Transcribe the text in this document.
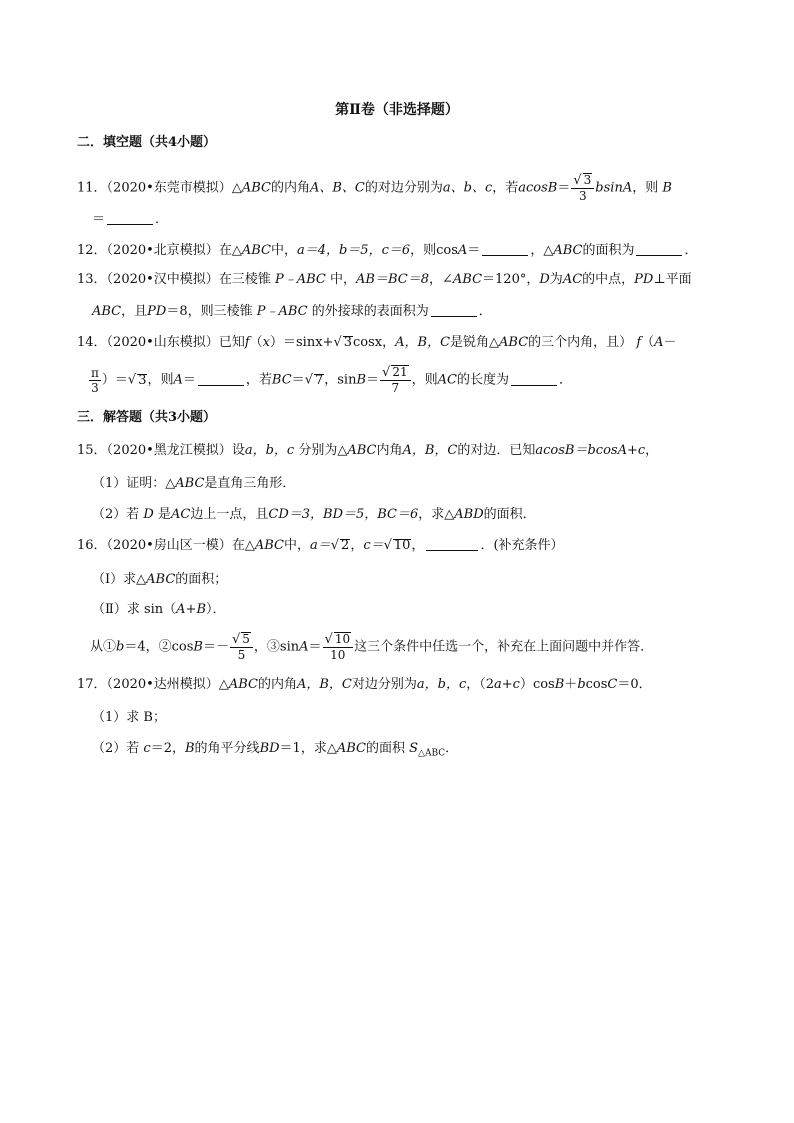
第Ⅱ卷（非选择题）
二．填空题（共4小题）
11．（2020•东莞市模拟）△ABC的内角A、B、C的对边分别为a、b、c，若$acosB= \frac{√ 3}{3}$ bsinA，则 B
＝	．
12．（2020•北京模拟）在△ABC中，a＝4，b＝5，c＝6，则cosA＝	，△ABC的面积为	．
13．（2020•汉中模拟）在三棱锥 P﹣ABC 中，AB＝BC＝8，∠ABC＝120°，D为AC的中点，PD⊥平面
ABC，且PD＝8，则三棱锥 P﹣ABC 的外接球的表面积为	．
14．（2020•山东模拟）已知f（x）＝sinx+√ 3cosx，A，B，C是锐角△ABC的三个内角，且） f（A－
$\frac{\pi}{3}$ ）＝√ 3，则A＝	，若BC＝√ 7，$\sin B= \frac{√ 21}{7}$ ，则AC的长度为	．
三．解答题（共3小题）
15．（2020•黑龙江模拟）设a，b，c 分别为△ABC内角A，B，C的对边．已知acosB＝bcosA+c，
（1）证明：△ABC是直角三角形．
（2）若 D 是AC边上一点，且CD＝3，BD＝5，BC＝6，求△ABD的面积．
16．（2020•房山区一模）在△ABC中，a＝√ 2，c＝√ 10，	．(补充条件）
（Ⅰ）求△ABC的面积；
（Ⅱ）求 sin（A+B）．
从①b＝4，②cosB＝－ $\frac{√ 5}{5}$ ，③sinA＝ $\frac{√ 10}{10}$ 这三个条件中任选一个，补充在上面问题中并作答．
17．（2020•达州模拟）△ABC的内角A，B，C对边分别为a，b，c，（2a+c）cosB＋bcosC＝0．
（1）求 B；
（2）若 c＝2，B的角平分线BD＝1，求△ABC的面积 $S_{\triangle ABC}$．
